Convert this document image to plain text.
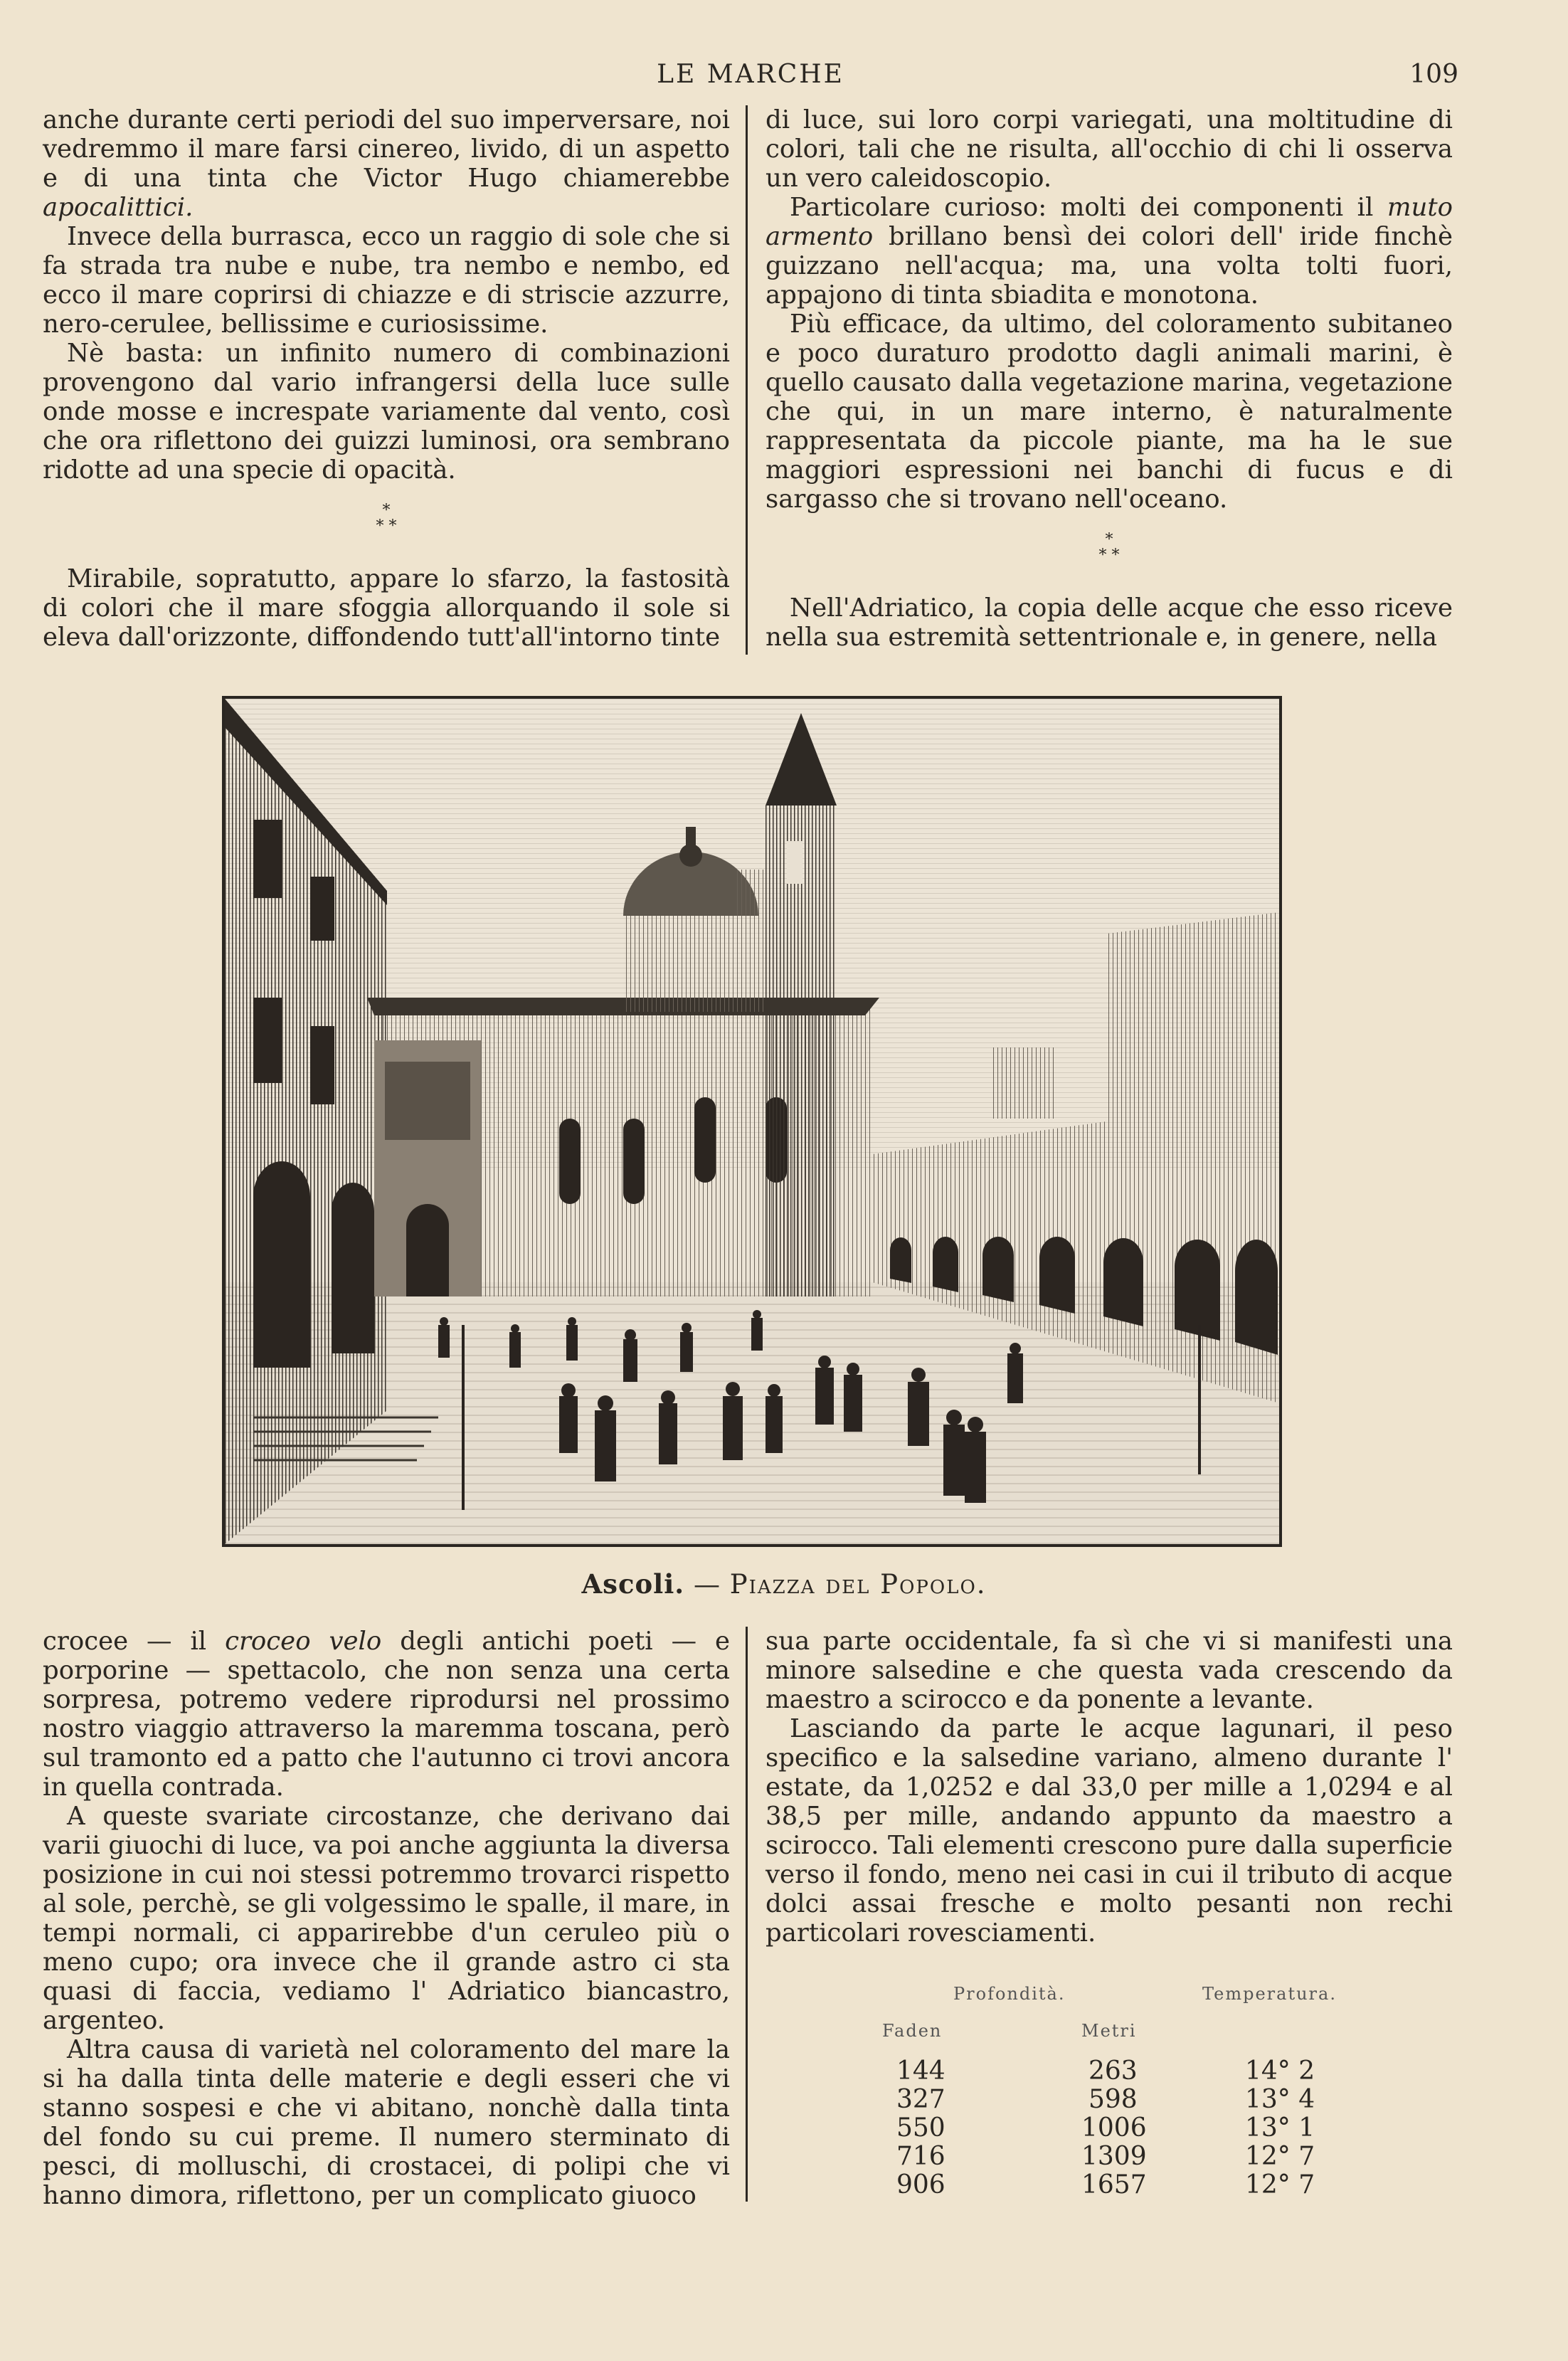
LE MARCHE	109

anche durante certi periodi del suo imperversare, noi vedremmo il mare farsi cinereo, livido, di un aspetto e di una tinta che Victor Hugo chiamerebbe apocalittici.

Invece della burrasca, ecco un raggio di sole che si fa strada tra nube e nube, tra nembo e nembo, ed ecco il mare coprirsi di chiazze e di striscie azzurre, nero-cerulee, bellissime e curiosissime.

Nè basta: un infinito numero di combinazioni provengono dal vario infrangersi della luce sulle onde mosse e increspate variamente dal vento, così che ora riflettono dei guizzi luminosi, ora sembrano ridotte ad una specie di opacità.

*
* *

Mirabile, sopratutto, appare lo sfarzo, la fastosità di colori che il mare sfoggia allorquando il sole si eleva dall'orizzonte, diffondendo tutt'all'intorno tinte

di luce, sui loro corpi variegati, una moltitudine di colori, tali che ne risulta, all'occhio di chi li osserva un vero caleidoscopio.

Particolare curioso: molti dei componenti il muto armento brillano bensì dei colori dell' iride finchè guizzano nell'acqua; ma, una volta tolti fuori, appajono di tinta sbiadita e monotona.

Più efficace, da ultimo, del coloramento subitaneo e poco duraturo prodotto dagli animali marini, è quello causato dalla vegetazione marina, vegetazione che qui, in un mare interno, è naturalmente rappresentata da piccole piante, ma ha le sue maggiori espressioni nei banchi di fucus e di sargasso che si trovano nell'oceano.

*
* *

Nell'Adriatico, la copia delle acque che esso riceve nella sua estremità settentrionale e, in genere, nella

Ascoli. — Piazza del Popolo.

crocee — il croceo velo degli antichi poeti — e porporine — spettacolo, che non senza una certa sorpresa, potremo vedere riprodursi nel prossimo nostro viaggio attraverso la maremma toscana, però sul tramonto ed a patto che l'autunno ci trovi ancora in quella contrada.

A queste svariate circostanze, che derivano dai varii giuochi di luce, va poi anche aggiunta la diversa posizione in cui noi stessi potremmo trovarci rispetto al sole, perchè, se gli volgessimo le spalle, il mare, in tempi normali, ci apparirebbe d'un ceruleo più o meno cupo; ora invece che il grande astro ci sta quasi di faccia, vediamo l' Adriatico biancastro, argenteo.

Altra causa di varietà nel coloramento del mare la si ha dalla tinta delle materie e degli esseri che vi stanno sospesi e che vi abitano, nonchè dalla tinta del fondo su cui preme. Il numero sterminato di pesci, di molluschi, di crostacei, di polipi che vi hanno dimora, riflettono, per un complicato giuoco

sua parte occidentale, fa sì che vi si manifesti una minore salsedine e che questa vada crescendo da maestro a scirocco e da ponente a levante.

Lasciando da parte le acque lagunari, il peso specifico e la salsedine variano, almeno durante l' estate, da 1,0252 e dal 33,0 per mille a 1,0294 e al 38,5 per mille, andando appunto da maestro a scirocco. Tali elementi crescono pure dalla superficie verso il fondo, meno nei casi in cui il tributo di acque dolci assai fresche e molto pesanti non rechi particolari rovesciamenti.

Profondità.	Temperatura.
Faden	Metri
144	263	14° 2
327	598	13° 4
550	1006	13° 1
716	1309	12° 7
906	1657	12° 7
